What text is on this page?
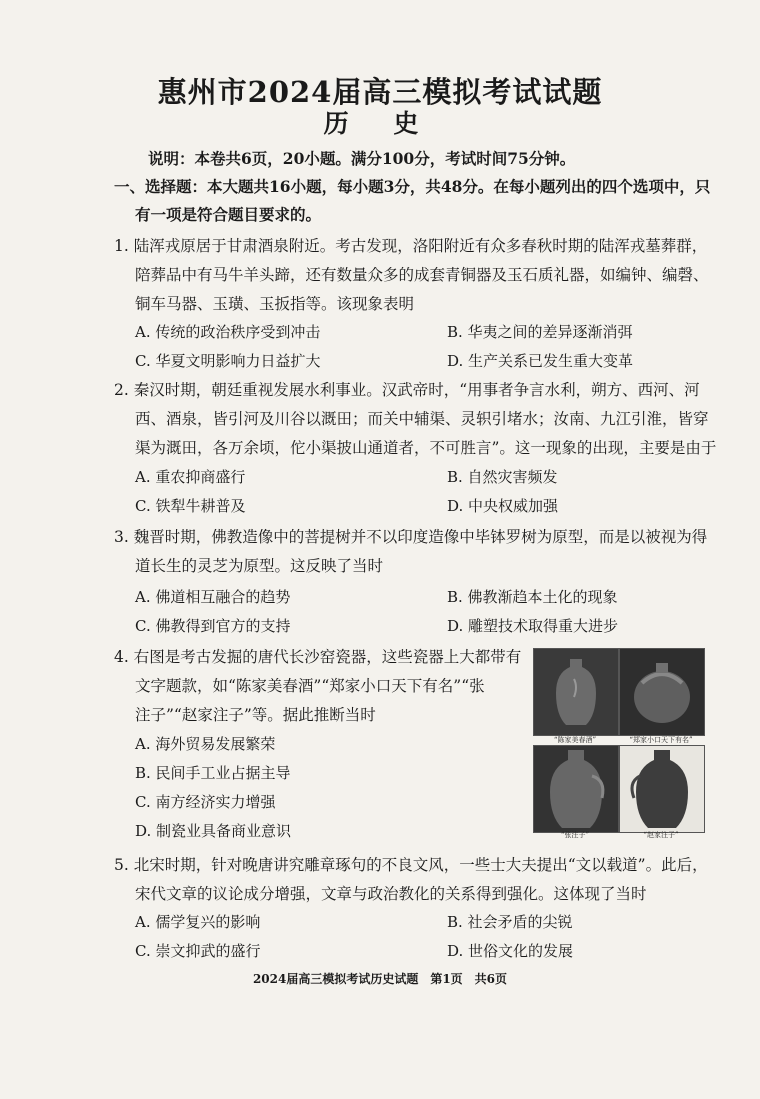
惠州市2024届高三模拟考试试题
历 史
说明：本卷共6页，20小题。满分100分，考试时间75分钟。
一、选择题：本大题共16小题，每小题3分，共48分。在每小题列出的四个选项中，只
有一项是符合题目要求的。
1. 陆浑戎原居于甘肃酒泉附近。考古发现，洛阳附近有众多春秋时期的陆浑戎墓葬群，
陪葬品中有马牛羊头蹄，还有数量众多的成套青铜器及玉石质礼器，如编钟、编磬、
铜车马器、玉璜、玉扳指等。该现象表明
A. 传统的政治秩序受到冲击	B. 华夷之间的差异逐渐消弭
C. 华夏文明影响力日益扩大	D. 生产关系已发生重大变革
2. 秦汉时期，朝廷重视发展水利事业。汉武帝时，“用事者争言水利，朔方、西河、河
西、酒泉，皆引河及川谷以溉田；而关中辅渠、灵轵引堵水；汝南、九江引淮，皆穿
渠为溉田，各万余顷，佗小渠披山通道者，不可胜言”。这一现象的出现，主要是由于
A. 重农抑商盛行	B. 自然灾害频发
C. 铁犁牛耕普及	D. 中央权威加强
3. 魏晋时期，佛教造像中的菩提树并不以印度造像中毕钵罗树为原型，而是以被视为得
道长生的灵芝为原型。这反映了当时
A. 佛道相互融合的趋势	B. 佛教渐趋本土化的现象
C. 佛教得到官方的支持	D. 雕塑技术取得重大进步
4. 右图是考古发掘的唐代长沙窑瓷器，这些瓷器上大都带有
文字题款，如“陈家美春酒”“郑家小口天下有名”“张
注子”“赵家注子”等。据此推断当时
A. 海外贸易发展繁荣
B. 民间手工业占据主导
C. 南方经济实力增强
D. 制瓷业具备商业意识
“陈家美春酒”	“郑家小口天下有名”
“张注子”	“赵家注子”
5. 北宋时期，针对晚唐讲究雕章琢句的不良文风，一些士大夫提出“文以载道”。此后，
宋代文章的议论成分增强，文章与政治教化的关系得到强化。这体现了当时
A. 儒学复兴的影响	B. 社会矛盾的尖锐
C. 崇文抑武的盛行	D. 世俗文化的发展
2024届高三模拟考试历史试题　第1页　共6页
